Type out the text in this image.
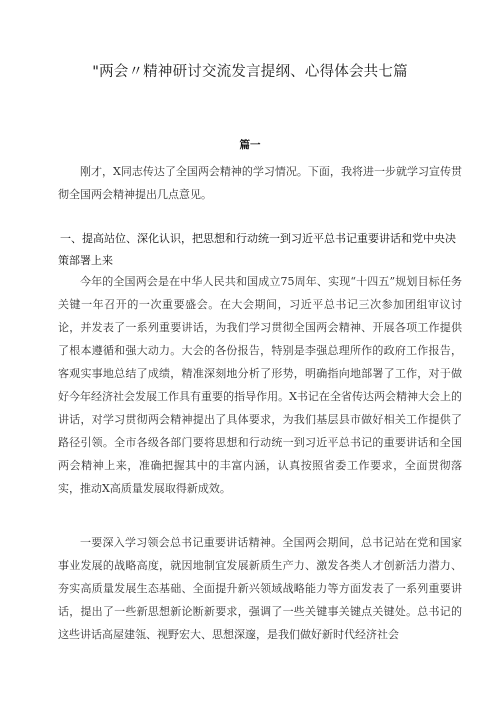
"两会〃精神研讨交流发言提纲、心得体会共七篇
篇一

刚才，X同志传达了全国两会精神的学习情况。下面，我将进一步就学习宣传贯彻全国两会精神提出几点意见。

一、提高站位、深化认识，把思想和行动统一到习近平总书记重要讲话和党中央决策部署上来

今年的全国两会是在中华人民共和国成立75周年、实现“十四五”规划目标任务关键一年召开的一次重要盛会。在大会期间，习近平总书记三次参加团组审议讨论，并发表了一系列重要讲话，为我们学习贯彻全国两会精神、开展各项工作提供了根本遵循和强大动力。大会的各份报告，特别是李强总理所作的政府工作报告，客观实事地总结了成绩，精准深刻地分析了形势，明确指向地部署了工作，对于做好今年经济社会发展工作具有重要的指导作用。X书记在全省传达两会精神大会上的讲话，对学习贯彻两会精神提出了具体要求，为我们基层县市做好相关工作提供了路径引领。全市各级各部门要将思想和行动统一到习近平总书记的重要讲话和全国两会精神上来，准确把握其中的丰富内涵，认真按照省委工作要求，全面贯彻落实，推动X高质量发展取得新成效。

一要深入学习领会总书记重要讲话精神。全国两会期间，总书记站在党和国家事业发展的战略高度，就因地制宜发展新质生产力、激发各类人才创新活力潜力、夯实高质量发展生态基础、全面提升新兴领域战略能力等方面发表了一系列重要讲话，提出了一些新思想新论断新要求，强调了一些关键事关键点关键处。总书记的这些讲话高屋建瓴、视野宏大、思想深邃，是我们做好新时代经济社会
